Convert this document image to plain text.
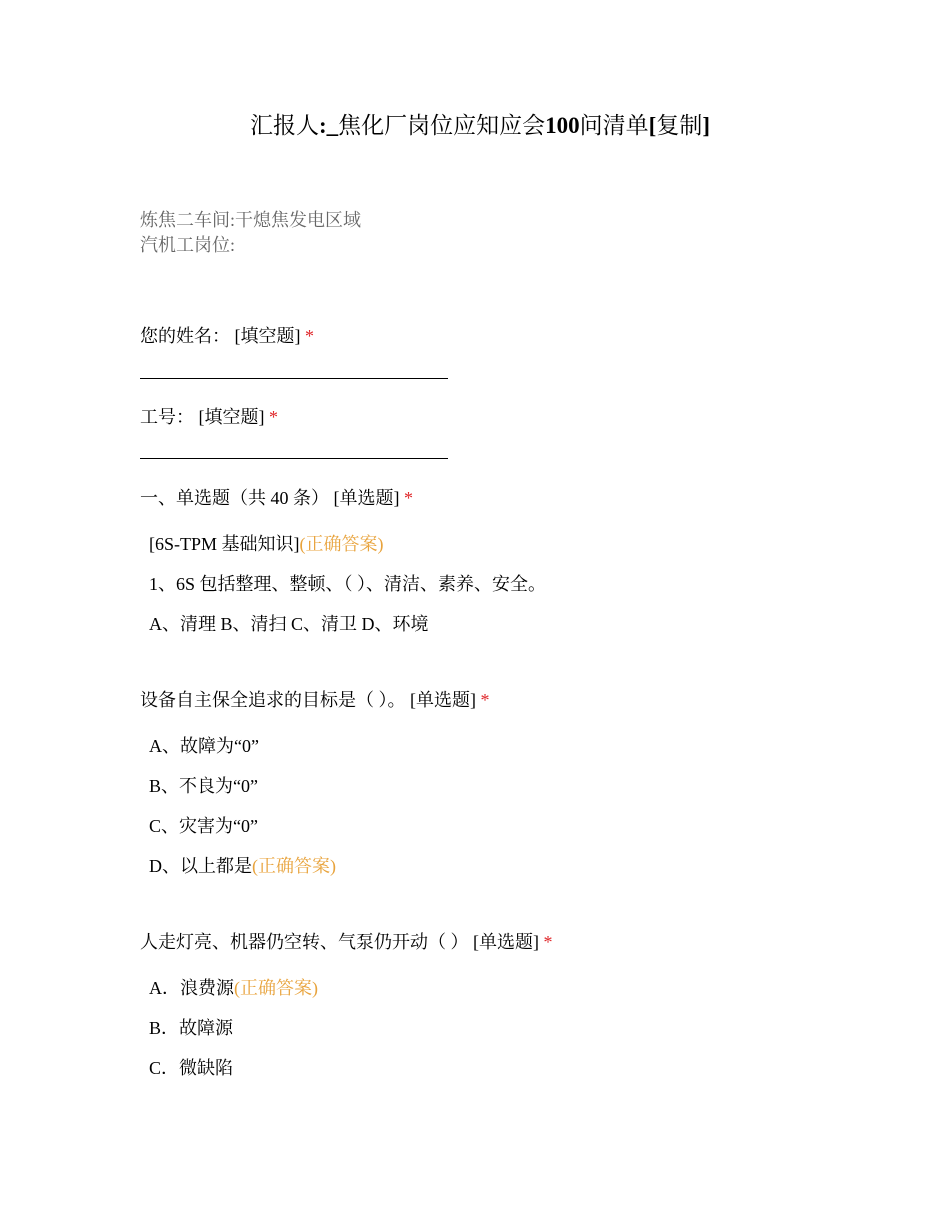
汇报人:_焦化厂岗位应知应会100问清单[复制]
炼焦二车间:干熄焦发电区域
汽机工岗位:
您的姓名： [填空题] *
工号： [填空题] *
一、单选题（共 40 条） [单选题] *
[6S-TPM 基础知识](正确答案)
1、6S 包括整理、整顿、（ ）、清洁、素养、安全。
A、清理 B、清扫 C、清卫 D、环境
设备自主保全追求的目标是（ ）。 [单选题] *
A、故障为“0”
B、不良为“0”
C、灾害为“0”
D、以上都是(正确答案)
人走灯亮、机器仍空转、气泵仍开动（ ） [单选题] *
A．浪费源(正确答案)
B．故障源
C．微缺陷
